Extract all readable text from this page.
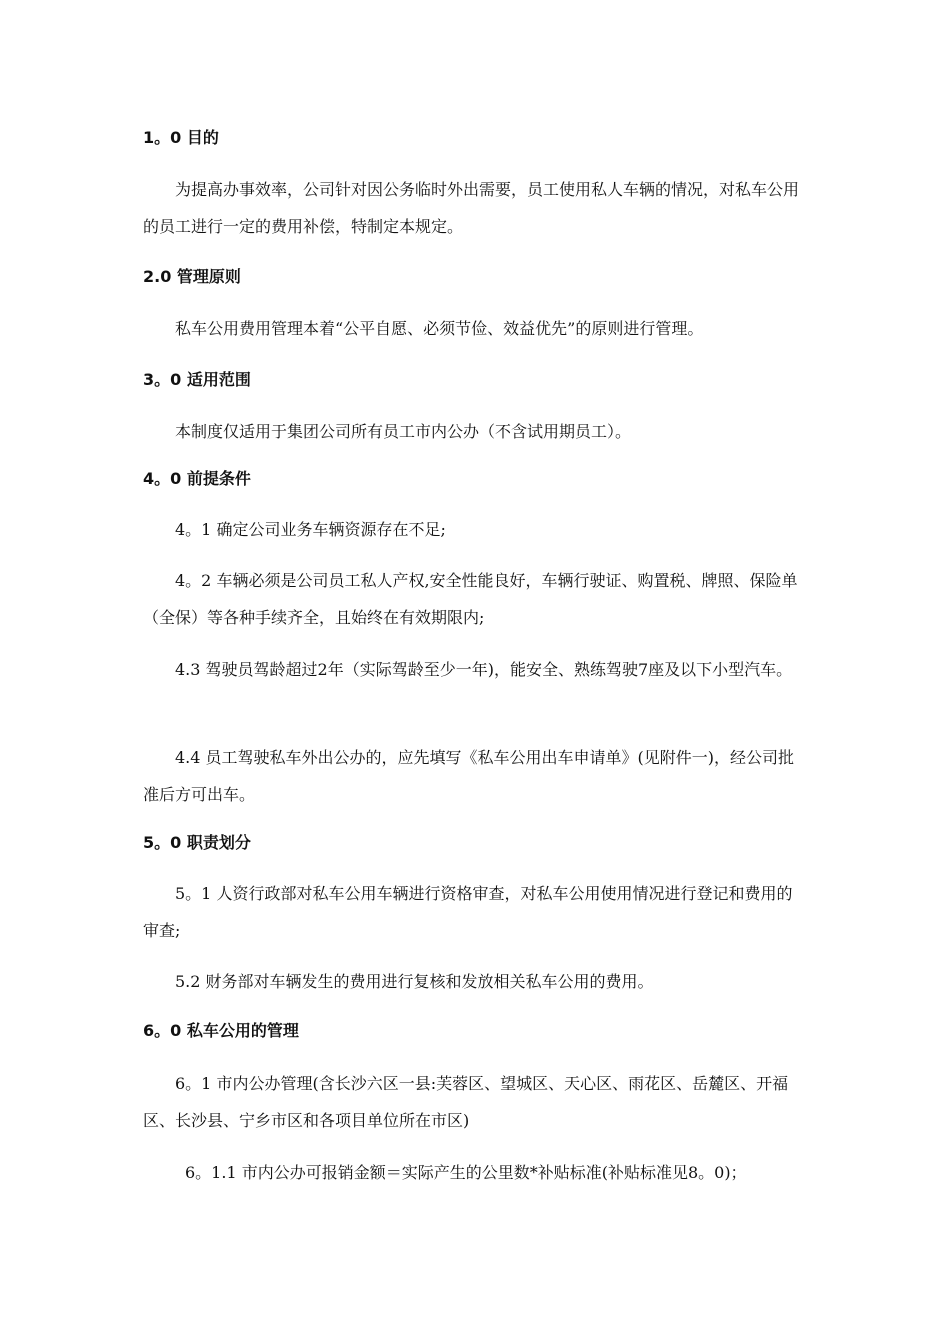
1。0 目的
为提高办事效率，公司针对因公务临时外出需要，员工使用私人车辆的情况，对私车公用的员工进行一定的费用补偿，特制定本规定。
2.0 管理原则
私车公用费用管理本着“公平自愿、必须节俭、效益优先”的原则进行管理。
3。0 适用范围
本制度仅适用于集团公司所有员工市内公办（不含试用期员工）。
4。0 前提条件
4。1 确定公司业务车辆资源存在不足;
4。2 车辆必须是公司员工私人产权,安全性能良好，车辆行驶证、购置税、牌照、保险单（全保）等各种手续齐全，且始终在有效期限内;
4.3 驾驶员驾龄超过2年（实际驾龄至少一年)，能安全、熟练驾驶7座及以下小型汽车。
4.4 员工驾驶私车外出公办的，应先填写《私车公用出车申请单》(见附件一)，经公司批准后方可出车。
5。0 职责划分
5。1 人资行政部对私车公用车辆进行资格审查，对私车公用使用情况进行登记和费用的审查;
5.2 财务部对车辆发生的费用进行复核和发放相关私车公用的费用。
6。0 私车公用的管理
6。1 市内公办管理(含长沙六区一县:芙蓉区、望城区、天心区、雨花区、岳麓区、开福区、长沙县、宁乡市区和各项目单位所在市区)
6。1.1 市内公办可报销金额＝实际产生的公里数*补贴标准(补贴标准见8。0)；
